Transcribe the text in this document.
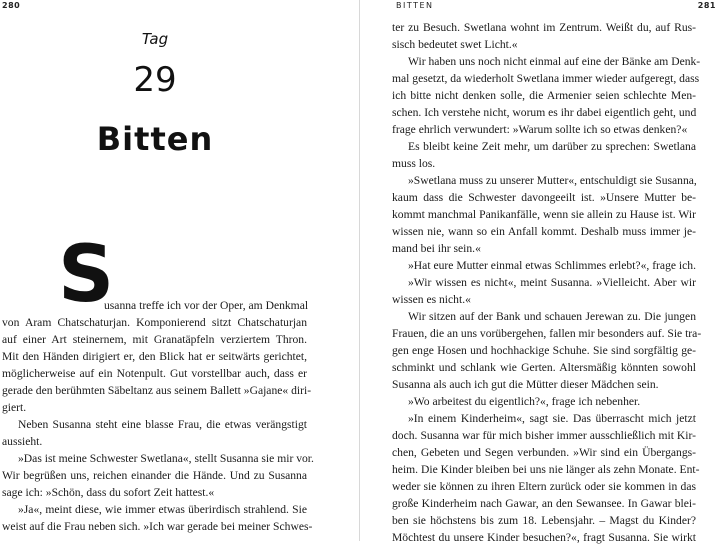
280	BITTEN	281
Tag
29
Bitten
S
usanna treffe ich vor der Oper, am Denkmal
von Aram Chatschaturjan. Komponierend sitzt Chatschaturjan
auf einer Art steinernem, mit Granatäpfeln verziertem Thron.
Mit den Händen dirigiert er, den Blick hat er seitwärts gerichtet,
möglicherweise auf ein Notenpult. Gut vorstellbar auch, dass er
gerade den berühmten Säbeltanz aus seinem Ballett »Gajane« diri-
giert.
Neben Susanna steht eine blasse Frau, die etwas verängstigt
aussieht.
»Das ist meine Schwester Swetlana«, stellt Susanna sie mir vor.
Wir begrüßen uns, reichen einander die Hände. Und zu Susanna
sage ich: »Schön, dass du sofort Zeit hattest.«
»Ja«, meint diese, wie immer etwas überirdisch strahlend. Sie
weist auf die Frau neben sich. »Ich war gerade bei meiner Schwes-
ter zu Besuch. Swetlana wohnt im Zentrum. Weißt du, auf Rus-
sisch bedeutet swet Licht.«
Wir haben uns noch nicht einmal auf eine der Bänke am Denk-
mal gesetzt, da wiederholt Swetlana immer wieder aufgeregt, dass
ich bitte nicht denken solle, die Armenier seien schlechte Men-
schen. Ich verstehe nicht, worum es ihr dabei eigentlich geht, und
frage ehrlich verwundert: »Warum sollte ich so etwas denken?«
Es bleibt keine Zeit mehr, um darüber zu sprechen: Swetlana
muss los.
»Swetlana muss zu unserer Mutter«, entschuldigt sie Susanna,
kaum dass die Schwester davongeeilt ist. »Unsere Mutter be-
kommt manchmal Panikanfälle, wenn sie allein zu Hause ist. Wir
wissen nie, wann so ein Anfall kommt. Deshalb muss immer je-
mand bei ihr sein.«
»Hat eure Mutter einmal etwas Schlimmes erlebt?«, frage ich.
»Wir wissen es nicht«, meint Susanna. »Vielleicht. Aber wir
wissen es nicht.«
Wir sitzen auf der Bank und schauen Jerewan zu. Die jungen
Frauen, die an uns vorübergehen, fallen mir besonders auf. Sie tra-
gen enge Hosen und hochhackige Schuhe. Sie sind sorgfältig ge-
schminkt und schlank wie Gerten. Altersmäßig könnten sowohl
Susanna als auch ich gut die Mütter dieser Mädchen sein.
»Wo arbeitest du eigentlich?«, frage ich nebenher.
»In einem Kinderheim«, sagt sie. Das überrascht mich jetzt
doch. Susanna war für mich bisher immer ausschließlich mit Kir-
chen, Gebeten und Segen verbunden. »Wir sind ein Übergangs-
heim. Die Kinder bleiben bei uns nie länger als zehn Monate. Ent-
weder sie können zu ihren Eltern zurück oder sie kommen in das
große Kinderheim nach Gawar, an den Sewansee. In Gawar blei-
ben sie höchstens bis zum 18. Lebensjahr. – Magst du Kinder?
Möchtest du unsere Kinder besuchen?«, fragt Susanna. Sie wirkt
